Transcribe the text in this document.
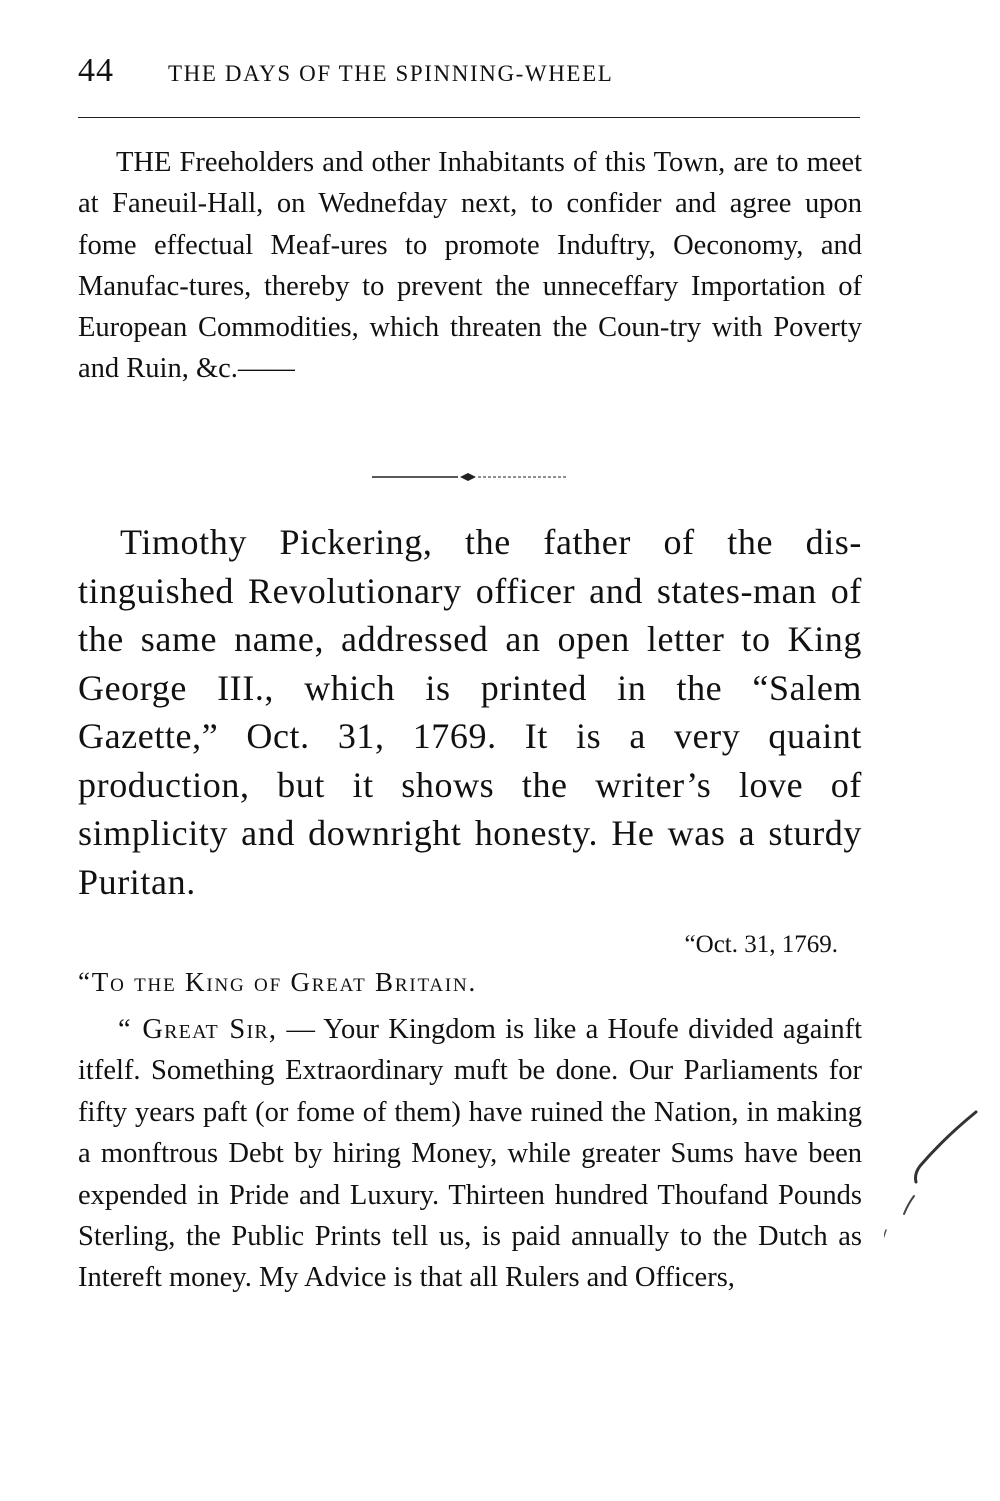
44 THE DAYS OF THE SPINNING-WHEEL

THE Freeholders and other Inhabitants of this Town, are to meet at Faneuil-Hall, on Wednefday next, to confider and agree upon fome effectual Meaf-ures to promote Induftry, Oeconomy, and Manufac-tures, thereby to prevent the unneceffary Importation of European Commodities, which threaten the Coun-try with Poverty and Ruin, &c.——

Timothy Pickering, the father of the dis-tinguished Revolutionary officer and states-man of the same name, addressed an open letter to King George III., which is printed in the “Salem Gazette,” Oct. 31, 1769. It is a very quaint production, but it shows the writer’s love of simplicity and downright honesty. He was a sturdy Puritan.

“Oct. 31, 1769.
“To the King of Great Britain.

“ Great Sir, — Your Kingdom is like a Houfe divided againft itfelf. Something Extraordinary muft be done. Our Parliaments for fifty years paft (or fome of them) have ruined the Nation, in making a monftrous Debt by hiring Money, while greater Sums have been expended in Pride and Luxury. Thirteen hundred Thoufand Pounds Sterling, the Public Prints tell us, is paid annually to the Dutch as Intereft money. My Advice is that all Rulers and Officers,
